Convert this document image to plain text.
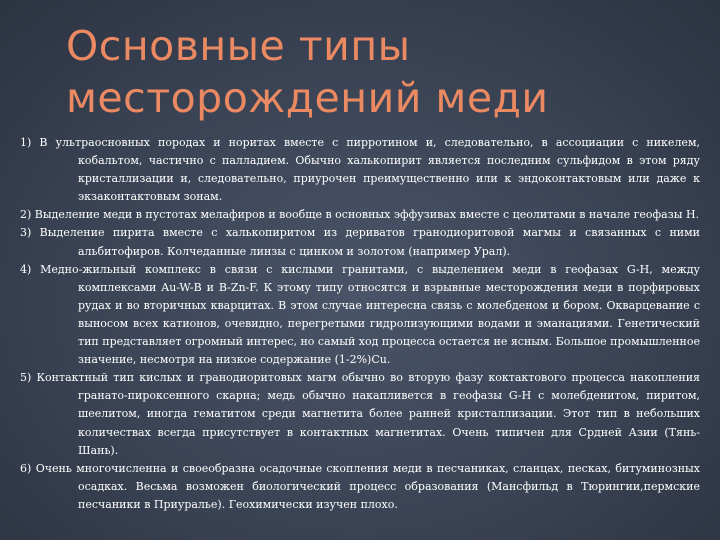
Основные типы
месторождений меди

1) В ультраосновных породах и норитах вместе с пирротином и, следовательно, в ассоциации с никелем, кобальтом, частично с палладием. Обычно халькопирит является последним сульфидом в этом ряду кристаллизации и, следовательно, приурочен преимущественно или к эндоконтактовым или даже к экзаконтактовым зонам.

2) Выделение меди в пустотах мелафиров и вообще в основных эффузивах вместе с цеолитами в начале геофазы Н.

3) Выделение пирита вместе с халькопиритом из дериватов гранодиоритовой магмы и связанных с ними альбитофиров. Колчеданные линзы с цинком и золотом (например Урал).

4) Медно-жильный комплекс в связи с кислыми гранитами, с выделением меди в геофазах G-H, между комплексами Au-W-B и B-Zn-F. К этому типу относятся и взрывные месторождения меди в порфировых рудах и во вторичных кварцитах. В этом случае интересна связь с молебденом и бором. Окварцевание с выносом всех катионов, очевидно, перегретыми гидролизующими водами и эманациями. Генетический тип представляет огромный интерес, но самый ход процесса остается не ясным. Большое промышленное значение, несмотря на низкое содержание (1-2%)Cu.

5) Контактный тип кислых и гранодиоритовых магм обычно во вторую фазу коктактового процесса накопления гранато-пироксенного скарна; медь обычно накапливется в геофазы G-H с молебденитом, пиритом, шеелитом, иногда гематитом среди магнетита более ранней кристаллизации. Этот тип в небольших количествах всегда присутствует в контактных магнетитах. Очень типичен для Срдней Азии (Тянь-Шань).

6) Очень многочисленна и своеобразна осадочные скопления меди в песчаниках, сланцах, песках, битуминозных осадках. Весьма возможен биологический процесс образования (Мансфильд в Тюрингии,пермские песчаники в Приуралье). Геохимически изучен плохо.
